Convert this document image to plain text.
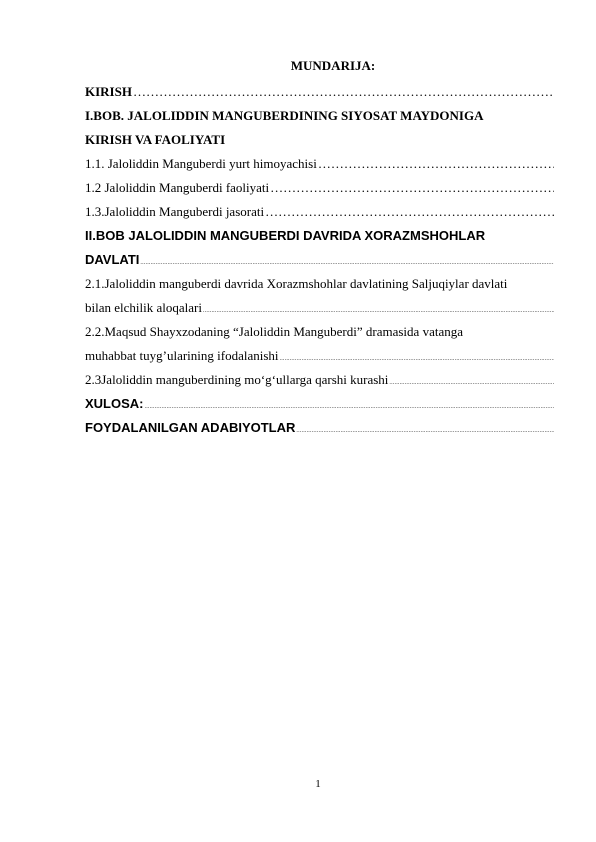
MUNDARIJA:
KIRISH
…………………………………………………………………………………………………………………………………………………………………………
I.BOB. JALOLIDDIN MANGUBERDINING SIYOSAT MAYDONIGA
KIRISH VA FAOLIYATI
1.1. Jaloliddin Manguberdi yurt himoyachisi
…………………………………………………………………………………………………………………………………………………………………………
1.2 Jaloliddin Manguberdi faoliyati
…………………………………………………………………………………………………………………………………………………………………………
1.3.Jaloliddin Manguberdi jasorati
…………………………………………………………………………………………………………………………………………………………………………
II.BOB JALOLIDDIN MANGUBERDI DAVRIDA XORAZMSHOHLAR
DAVLATI
.....
2.1.Jaloliddin manguberdi davrida Xorazmshohlar davlatining Saljuqiylar davlati
bilan elchilik aloqalari
.....
2.2.Maqsud Shayxzodaning “Jaloliddin Manguberdi” dramasida vatanga
muhabbat tuyg’ularining ifodalanishi
.....
2.3Jaloliddin manguberdining mo‘g‘ullarga qarshi kurashi
.....
XULOSA:
.....
FOYDALANILGAN ADABIYOTLAR
.....
1
